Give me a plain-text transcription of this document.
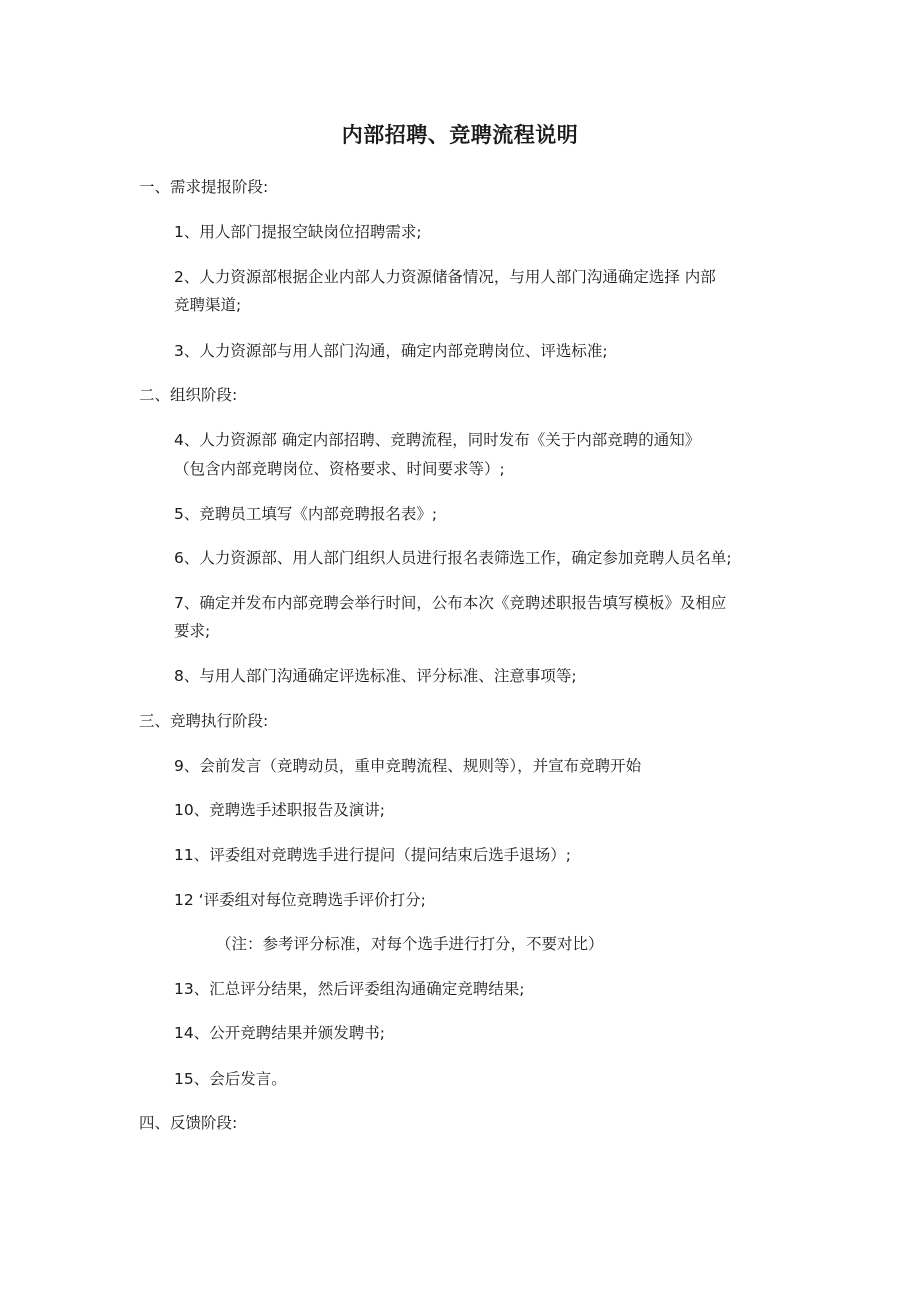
内部招聘、竞聘流程说明
一、需求提报阶段:
1、用人部门提报空缺岗位招聘需求;
2、人力资源部根据企业内部人力资源储备情况，与用人部门沟通确定选择 内部
竞聘渠道;
3、人力资源部与用人部门沟通，确定内部竞聘岗位、评选标准;
二、组织阶段:
4、人力资源部 确定内部招聘、竞聘流程，同时发布《关于内部竞聘的通知》
（包含内部竞聘岗位、资格要求、时间要求等）;
5、竞聘员工填写《内部竞聘报名表》;
6、人力资源部、用人部门组织人员进行报名表筛选工作，确定参加竞聘人员名单;
7、确定并发布内部竞聘会举行时间，公布本次《竞聘述职报告填写模板》及相应
要求;
8、与用人部门沟通确定评选标准、评分标准、注意事项等;
三、竞聘执行阶段:
9、会前发言（竞聘动员，重申竞聘流程、规则等），并宣布竞聘开始
10、竞聘选手述职报告及演讲;
11、评委组对竞聘选手进行提问（提问结束后选手退场）;
12 ‘评委组对每位竞聘选手评价打分;
（注：参考评分标准，对每个选手进行打分，不要对比）
13、汇总评分结果，然后评委组沟通确定竞聘结果;
14、公开竞聘结果并颁发聘书;
15、会后发言。
四、反馈阶段:
